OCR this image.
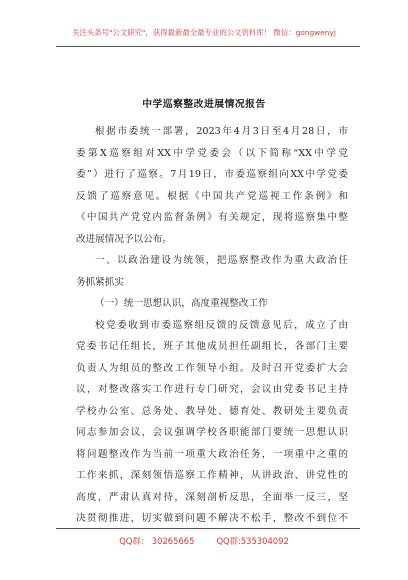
关注头条号"公文研究"，获得最新最全最专业的公文资料库！ 微信：gongwenyj
中学巡察整改进展情况报告
根据市委统一部署，2023年4月3日至4月28日，市
委第X巡察组对XX中学党委会（以下简称“XX中学党
委”）进行了巡察。7月19日，市委巡察组向XX中学党委
反馈了巡察意见。根据《中国共产党巡视工作条例》和
《中国共产党党内监督条例》有关规定，现将巡察集中整
改进展情况予以公布。
一、以政治建设为统领，把巡察整改作为重大政治任
务抓紧抓实
（一）统一思想认识，高度重视整改工作
校党委收到市委巡察组反馈的反馈意见后，成立了由
党委书记任组长，班子其他成员担任副组长，各部门主要
负责人为组员的整改工作领导小组。及时召开党委扩大会
议，对整改落实工作进行专门研究，会议由党委书记主持
学校办公室、总务处、教导处、德育处、教研处主要负责
同志参加会议，会议强调学校各职能部门要统一思想认识
将问题整改作为当前一项重大政治任务，一项重中之重的
工作来抓，深刻领悟巡察工作精神，从讲政治、讲党性的
高度，严肃认真对待，深刻剖析反思，全面举一反三，坚
决贯彻推进，切实做到问题不解决不松手，整改不到位不
QQ群： 30265665	QQ群:535304092
